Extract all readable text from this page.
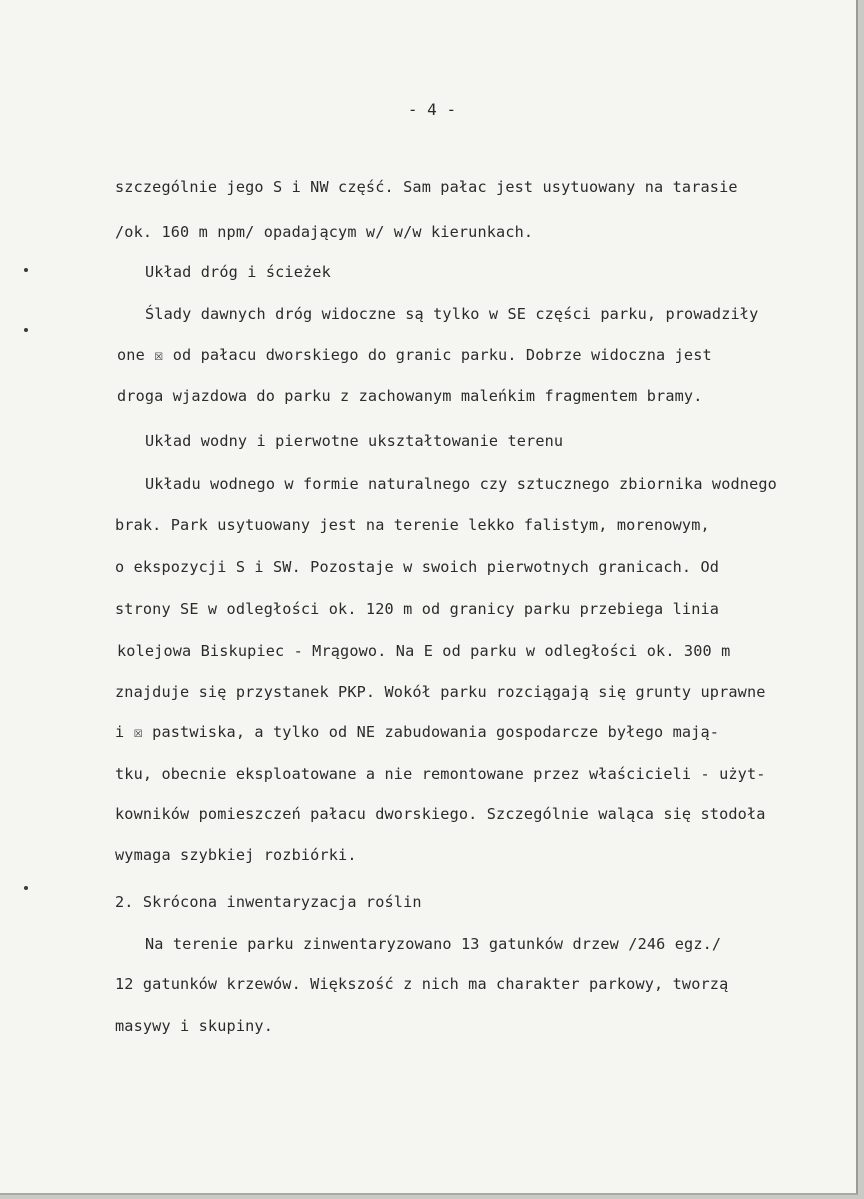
- 4 -
szczególnie jego S i NW część. Sam pałac jest usytuowany na tarasie
/ok. 160 m npm/ opadającym w/ w/w kierunkach.
Układ dróg i ścieżek
Ślady dawnych dróg widoczne są tylko w SE części parku, prowadziły
one ☒ od pałacu dworskiego do granic parku. Dobrze widoczna jest
droga wjazdowa do parku z zachowanym maleńkim fragmentem bramy.
Układ wodny i pierwotne ukształtowanie terenu
Układu wodnego w formie naturalnego czy sztucznego zbiornika wodnego
brak. Park usytuowany jest na terenie lekko falistym, morenowym,
o ekspozycji S i SW. Pozostaje w swoich pierwotnych granicach. Od
strony SE w odległości ok. 120 m od granicy parku przebiega linia
kolejowa Biskupiec - Mrągowo. Na E od parku w odległości ok. 300 m
znajduje się przystanek PKP. Wokół parku rozciągają się grunty uprawne
i ☒ pastwiska, a tylko od NE zabudowania gospodarcze byłego mają-
tku, obecnie eksploatowane a nie remontowane przez właścicieli - użyt-
kowników pomieszczeń pałacu dworskiego. Szczególnie waląca się stodoła
wymaga szybkiej rozbiórki.
2. Skrócona inwentaryzacja roślin
Na terenie parku zinwentaryzowano 13 gatunków drzew /246 egz./
12 gatunków krzewów. Większość z nich ma charakter parkowy, tworzą
masywy i skupiny.
